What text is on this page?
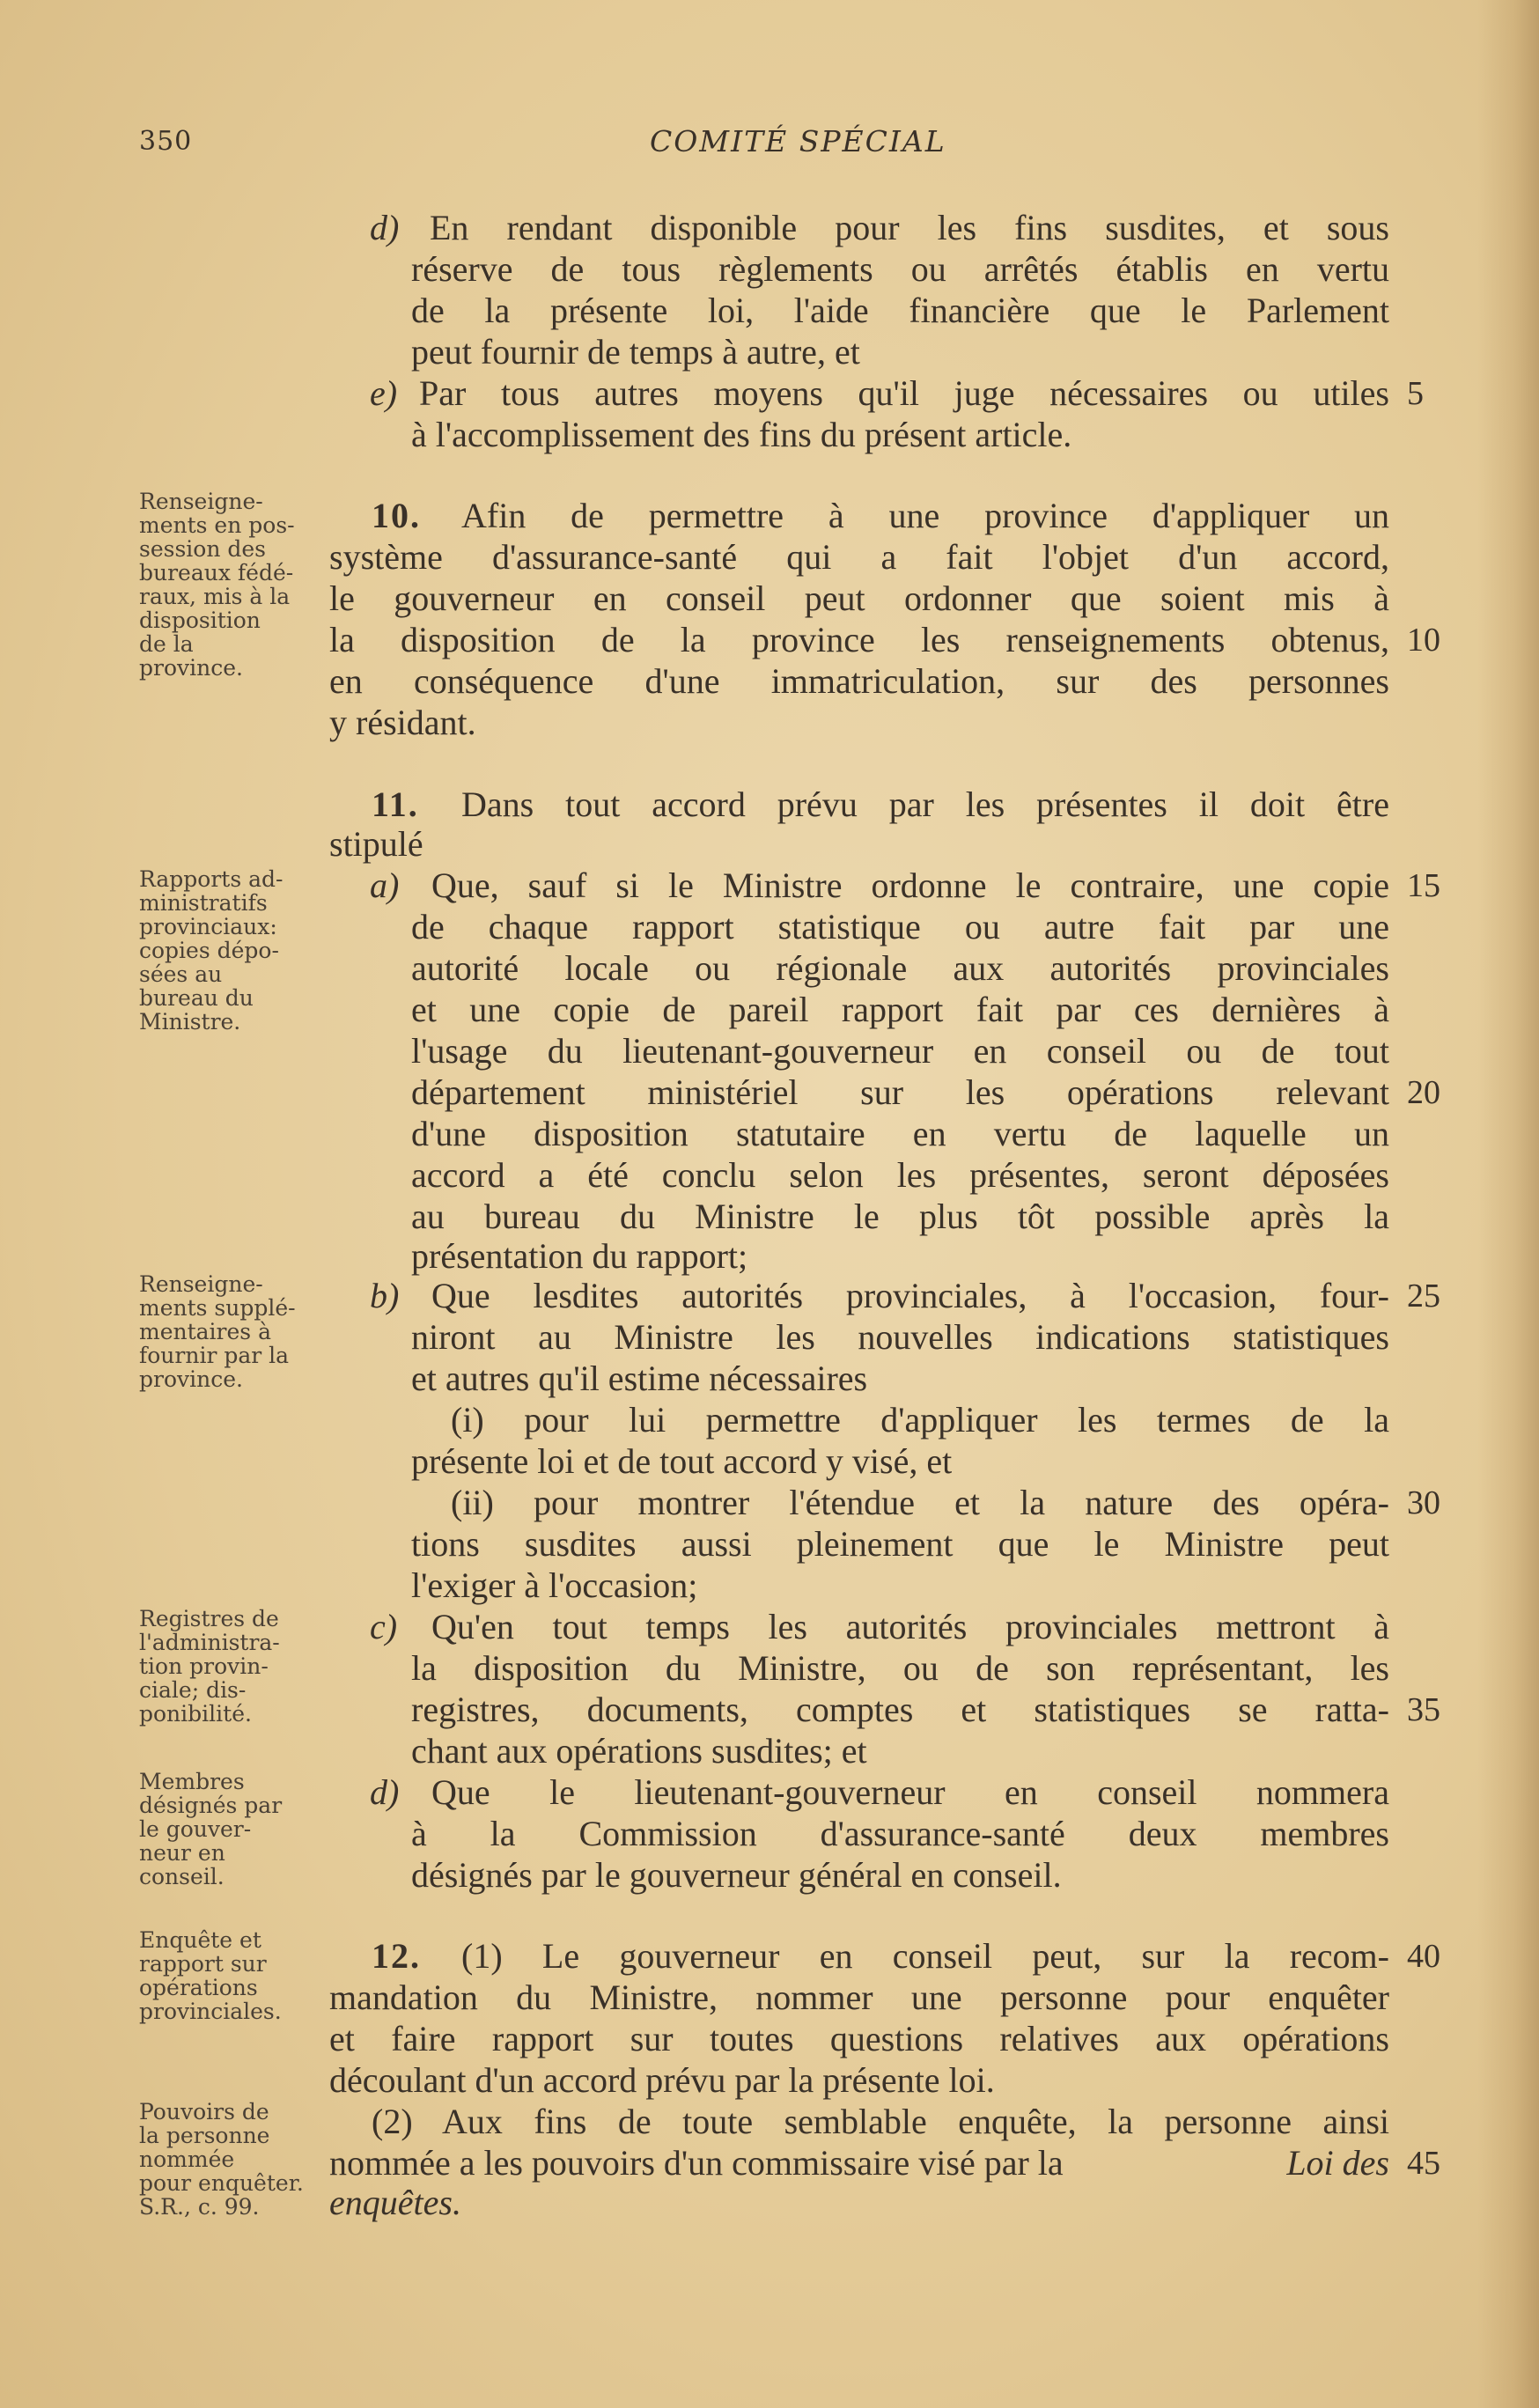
350	COMITÉ SPÉCIAL
Renseigne-
ments en pos-
session des
bureaux fédé-
raux, mis à la
disposition
de la
province.
Rapports ad-
ministratifs
provinciaux:
copies dépo-
sées au
bureau du
Ministre.
Renseigne-
ments supplé-
mentaires à
fournir par la
province.
Registres de
l'administra-
tion provin-
ciale; dis-
ponibilité.
Membres
désignés par
le gouver-
neur en
conseil.
Enquête et
rapport sur
opérations
provinciales.
Pouvoirs de
la personne
nommée
pour enquêter.
S.R., c. 99.
d) En rendant disponible pour les fins susdites, et sous
réserve de tous règlements ou arrêtés établis en vertu
de la présente loi, l'aide financière que le Parlement
peut fournir de temps à autre, et
e) Par tous autres moyens qu'il juge nécessaires ou utiles
à l'accomplissement des fins du présent article.
10. Afin de permettre à une province d'appliquer un
système d'assurance-santé qui a fait l'objet d'un accord,
le gouverneur en conseil peut ordonner que soient mis à
la disposition de la province les renseignements obtenus,
en conséquence d'une immatriculation, sur des personnes
y résidant.
11. Dans tout accord prévu par les présentes il doit être
stipulé
a) Que, sauf si le Ministre ordonne le contraire, une copie
de chaque rapport statistique ou autre fait par une
autorité locale ou régionale aux autorités provinciales
et une copie de pareil rapport fait par ces dernières à
l'usage du lieutenant-gouverneur en conseil ou de tout
département ministériel sur les opérations relevant
d'une disposition statutaire en vertu de laquelle un
accord a été conclu selon les présentes, seront déposées
au bureau du Ministre le plus tôt possible après la
présentation du rapport;
b) Que lesdites autorités provinciales, à l'occasion, four-
niront au Ministre les nouvelles indications statistiques
et autres qu'il estime nécessaires
(i) pour lui permettre d'appliquer les termes de la
présente loi et de tout accord y visé, et
(ii) pour montrer l'étendue et la nature des opéra-
tions susdites aussi pleinement que le Ministre peut
l'exiger à l'occasion;
c) Qu'en tout temps les autorités provinciales mettront à
la disposition du Ministre, ou de son représentant, les
registres, documents, comptes et statistiques se ratta-
chant aux opérations susdites; et
d) Que le lieutenant-gouverneur en conseil nommera
à la Commission d'assurance-santé deux membres
désignés par le gouverneur général en conseil.
12. (1) Le gouverneur en conseil peut, sur la recom-
mandation du Ministre, nommer une personne pour enquêter
et faire rapport sur toutes questions relatives aux opérations
découlant d'un accord prévu par la présente loi.
(2) Aux fins de toute semblable enquête, la personne ainsi
nommée a les pouvoirs d'un commissaire visé par la	Loi des
enquêtes.
5
10
15
20
25
30
35
40
45
